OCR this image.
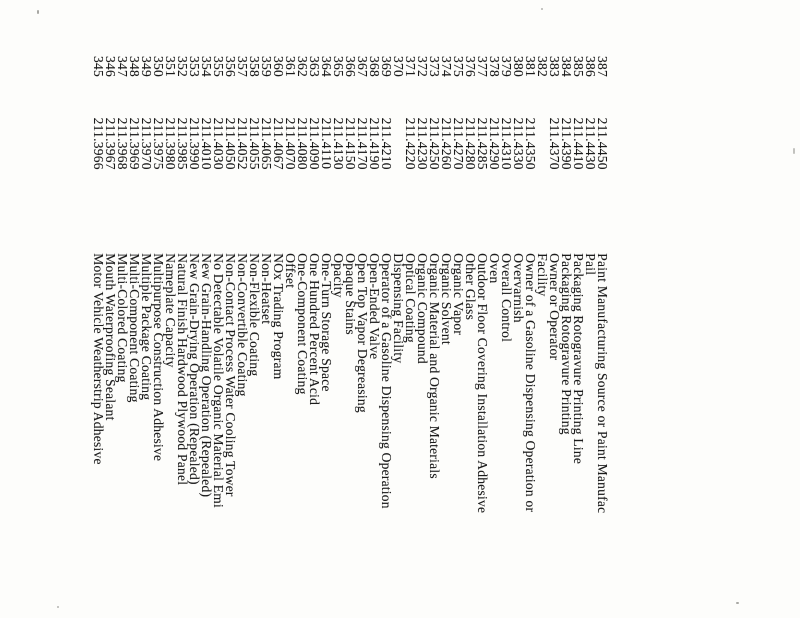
345 211.3966 Motor Vehicle Weatherstrip Adhesive
346 211.3967 Mouth Waterproofing Sealant
347 211.3968 Multi-Colored Coating
348 211.3969 Multi-Component Coating
349 211.3970 Multiple Package Coating
350 211.3975 Multipurpose Construction Adhesive
351 211.3980 Nameplate Capacity
352 211.3985 Natural Finish Hardwood Plywood Panel
353 211.3990 New Grain-Drying Operation (Repealed)
354 211.4010 New Grain-Handling Operation (Repealed)
355 211.4030 No Detectable Volatile Organic Material Emi
356 211.4050 Non-Contact Process Water Cooling Tower
357 211.4052 Non-Convertible Coating
358 211.4055 Non-Flexible Coating
359 211.4065 Non-Heatset
360 211.4067 NOx Trading Program
361 211.4070 Offset
362 211.4080 One-Component Coating
363 211.4090 One Hundred Percent Acid
364 211.4110 One-Turn Storage Space
365 211.4130 Opacity
366 211.4150 Opaque Stains
367 211.4170 Open Top Vapor Degreasing
368 211.4190 Open-Ended Valve
369 211.4210 Operator of a Gasoline Dispensing Operation
370  Dispensing Facility
371 211.4220 Optical Coating
372 211.4230 Organic Compound
373 211.4250 Organic Material and Organic Materials
374 211.4260 Organic Solvent
375 211.4270 Organic Vapor
376 211.4280 Other Glass
377 211.4285 Outdoor Floor Covering Installation Adhesive
378 211.4290 Oven
379 211.4310 Overall Control
380 211.4330 Overvarnish
381 211.4350 Owner of a Gasoline Dispensing Operation or
382  Facility
383 211.4370 Owner or Operator
384 211.4390 Packaging Rotogravure Printing
385 211.4410 Packaging Rotogravure Printing Line
386 211.4430 Pail
387 211.4450 Paint Manufacturing Source or Paint Manufac
